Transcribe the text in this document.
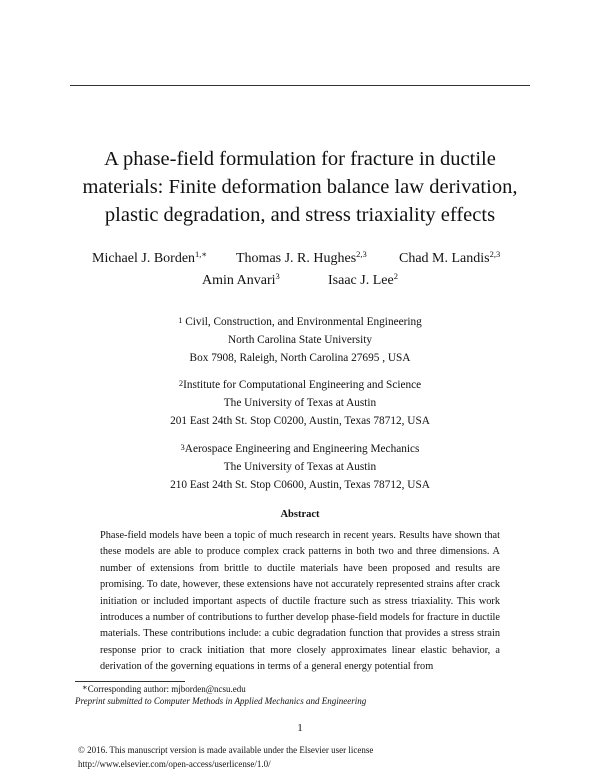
A phase-field formulation for fracture in ductile
materials: Finite deformation balance law derivation,
plastic degradation, and stress triaxiality effects
Michael J. Borden$^{1,∗}$ Thomas J. R. Hughes$^{2,3}$ Chad M. Landis$^{2,3}$
Amin Anvari$^3$	Isaac J. Lee$^2$
$^1$ Civil, Construction, and Environmental Engineering
North Carolina State University
Box 7908, Raleigh, North Carolina 27695 , USA
$^2$Institute for Computational Engineering and Science
The University of Texas at Austin
201 East 24th St. Stop C0200, Austin, Texas 78712, USA
$^3$Aerospace Engineering and Engineering Mechanics
The University of Texas at Austin
210 East 24th St. Stop C0600, Austin, Texas 78712, USA
Abstract

Phase-field models have been a topic of much research in recent years. Results have shown that these models are able to produce complex crack patterns in both two and three dimensions. A number of extensions from brittle to ductile materials have been proposed and results are promising. To date, however, these extensions have not accurately represented strains after crack initiation or included important aspects of ductile fracture such as stress triaxiality. This work introduces a number of contributions to further develop phase-field models for fracture in ductile materials. These contributions include: a cubic degradation function that provides a stress strain response prior to crack initiation that more closely approximates linear elastic behavior, a derivation of the governing equations in terms of a general energy potential from

∗Corresponding author: mjborden@ncsu.edu
Preprint submitted to Computer Methods in Applied Mechanics and Engineering
1
© 2016. This manuscript version is made available under the Elsevier user license
http://www.elsevier.com/open-access/userlicense/1.0/
